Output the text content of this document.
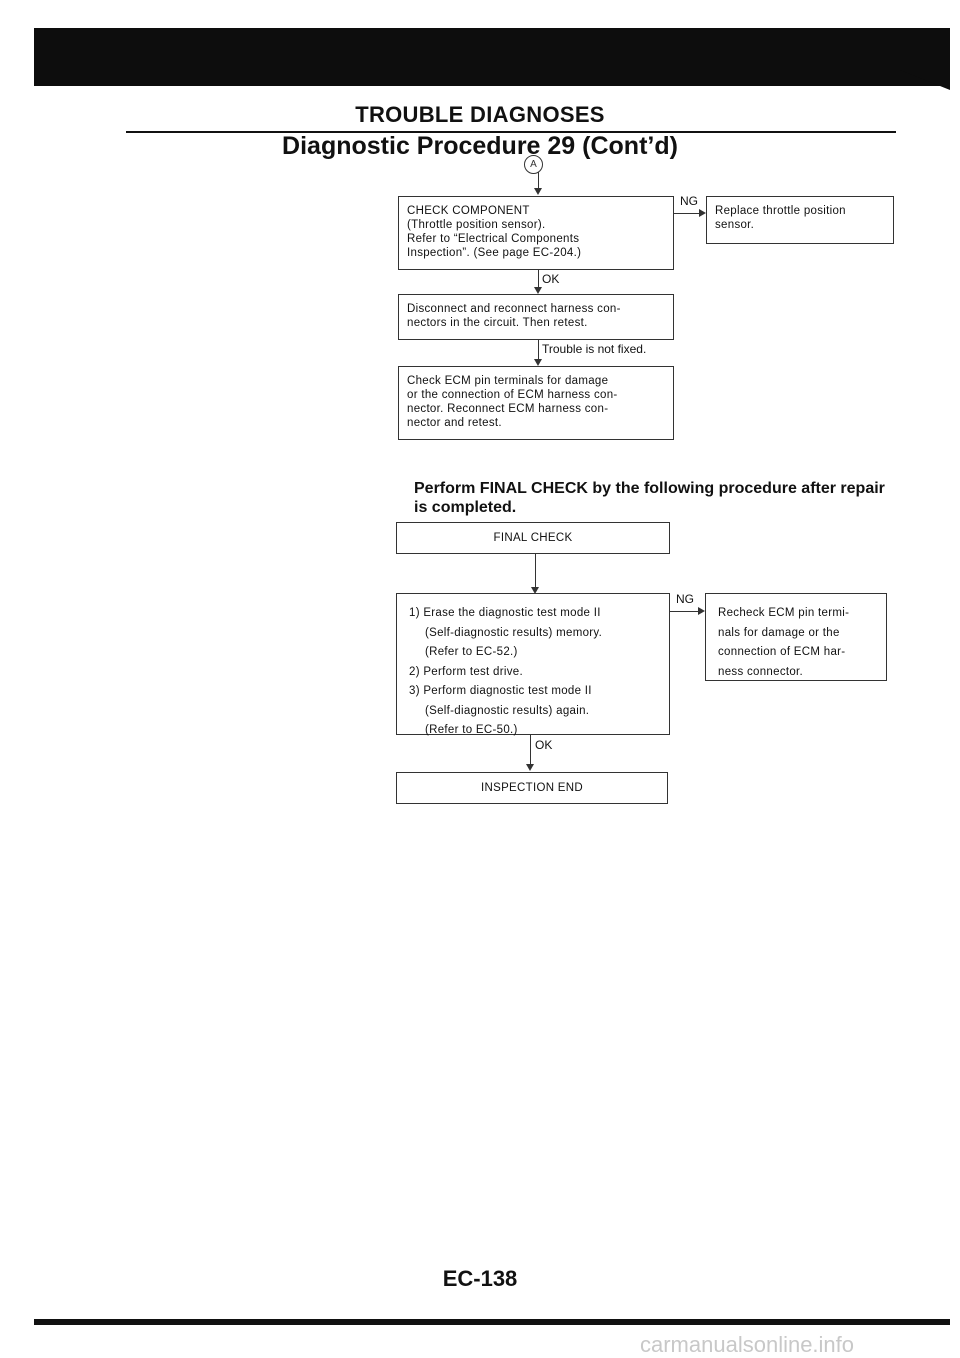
TROUBLE DIAGNOSES
Diagnostic Procedure 29 (Cont’d)
A
CHECK COMPONENT
(Throttle position sensor).
Refer to “Electrical Components
Inspection”. (See page EC-204.)
NG
Replace throttle position
sensor.
OK
Disconnect and reconnect harness con-
nectors in the circuit. Then retest.
Trouble is not fixed.
Check ECM pin terminals for damage
or the connection of ECM harness con-
nector. Reconnect ECM harness con-
nector and retest.
Perform FINAL CHECK by the following procedure after repair
is completed.
FINAL CHECK
1) Erase the diagnostic test mode II
(Self-diagnostic results) memory.
(Refer to EC-52.)
2) Perform test drive.
3) Perform diagnostic test mode II
(Self-diagnostic results) again.
(Refer to EC-50.)
NG
Recheck ECM pin termi-
nals for damage or the
connection of ECM har-
ness connector.
OK
INSPECTION END
EC-138
carmanualsonline.info
